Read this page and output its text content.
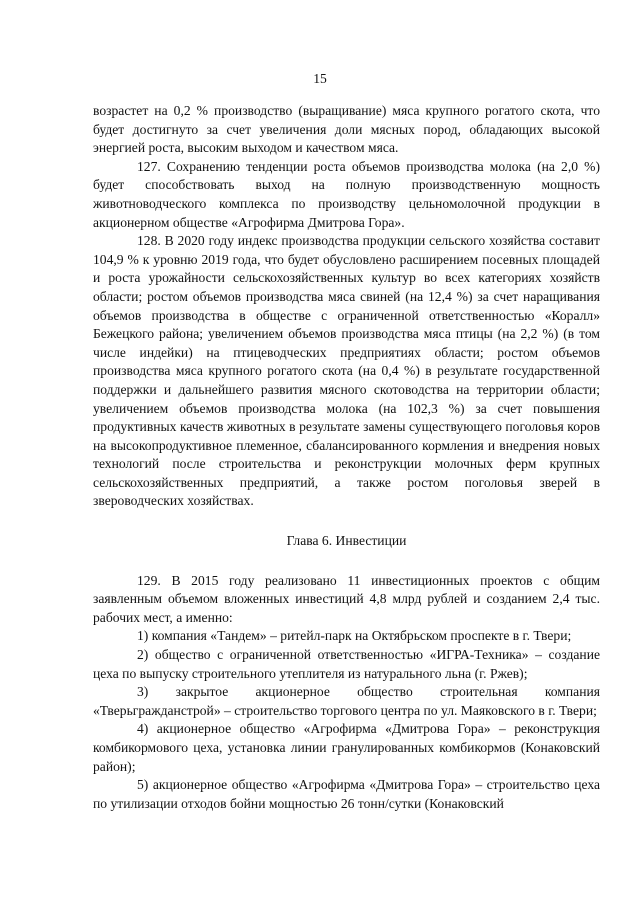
15

возрастет на 0,2 % производство (выращивание) мяса крупного рогатого скота, что будет достигнуто за счет увеличения доли мясных пород, обладающих высокой энергией роста, высоким выходом и качеством мяса.

127. Сохранению тенденции роста объемов производства молока (на 2,0 %) будет способствовать выход на полную производственную мощность животноводческого комплекса по производству цельномолочной продукции в акционерном обществе «Агрофирма Дмитрова Гора».

128. В 2020 году индекс производства продукции сельского хозяйства составит 104,9 % к уровню 2019 года, что будет обусловлено расширением посевных площадей и роста урожайности сельскохозяйственных культур во всех категориях хозяйств области; ростом объемов производства мяса свиней (на 12,4 %) за счет наращивания объемов производства в обществе с ограниченной ответственностью «Коралл» Бежецкого района; увеличением объемов производства мяса птицы (на 2,2 %) (в том числе индейки) на птицеводческих предприятиях области; ростом объемов производства мяса крупного рогатого скота (на 0,4 %) в результате государственной поддержки и дальнейшего развития мясного скотоводства на территории области; увеличением объемов производства молока (на 102,3 %) за счет повышения продуктивных качеств животных в результате замены существующего поголовья коров на высокопродуктивное племенное, сбалансированного кормления и внедрения новых технологий после строительства и реконструкции молочных ферм крупных сельскохозяйственных предприятий, а также ростом поголовья зверей в звероводческих хозяйствах.

Глава 6. Инвестиции

129. В 2015 году реализовано 11 инвестиционных проектов с общим заявленным объемом вложенных инвестиций 4,8 млрд рублей и созданием 2,4 тыс. рабочих мест, а именно:

1) компания «Тандем» – ритейл-парк на Октябрьском проспекте в г. Твери;

2) общество с ограниченной ответственностью «ИГРА-Техника» – создание цеха по выпуску строительного утеплителя из натурального льна (г. Ржев);

3) закрытое акционерное общество строительная компания «Тверьгражданстрой» – строительство торгового центра по ул. Маяковского в г. Твери;

4) акционерное общество «Агрофирма «Дмитрова Гора» – реконструкция комбикормового цеха, установка линии гранулированных комбикормов (Конаковский район);

5) акционерное общество «Агрофирма «Дмитрова Гора» – строительство цеха по утилизации отходов бойни мощностью 26 тонн/сутки (Конаковский
